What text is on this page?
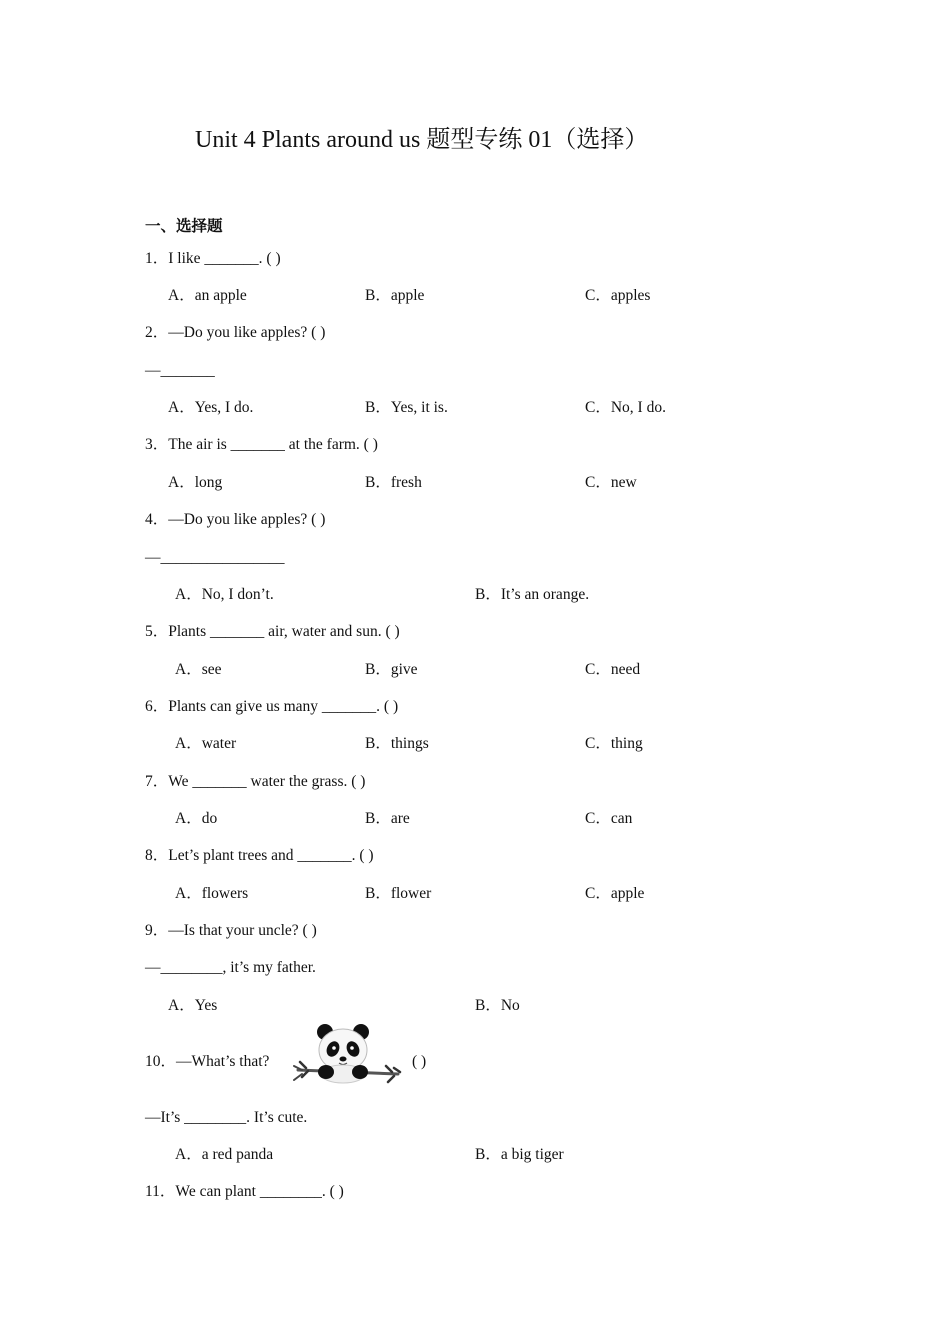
Unit 4 Plants around us 题型专练 01（选择）
一、选择题
1．I like _______. ( )
A．an apple	B．apple	C．apples
2．—Do you like apples? ( )
—_______
A．Yes, I do.	B．Yes, it is.	C．No, I do.
3．The air is _______ at the farm. ( )
A．long	B．fresh	C．new
4．—Do you like apples? ( )
—________________
A．No, I don’t.	B．It’s an orange.
5．Plants _______ air, water and sun. ( )
A．see	B．give	C．need
6．Plants can give us many _______. ( )
A．water	B．things	C．thing
7．We _______ water the grass. ( )
A．do	B．are	C．can
8．Let’s plant trees and _______. ( )
A．flowers	B．flower	C．apple
9．—Is that your uncle? ( )
—________, it’s my father.
A．Yes	B．No
10．—What’s that?	( )
—It’s ________. It’s cute.
A．a red panda	B．a big tiger
11．We can plant ________. ( )
